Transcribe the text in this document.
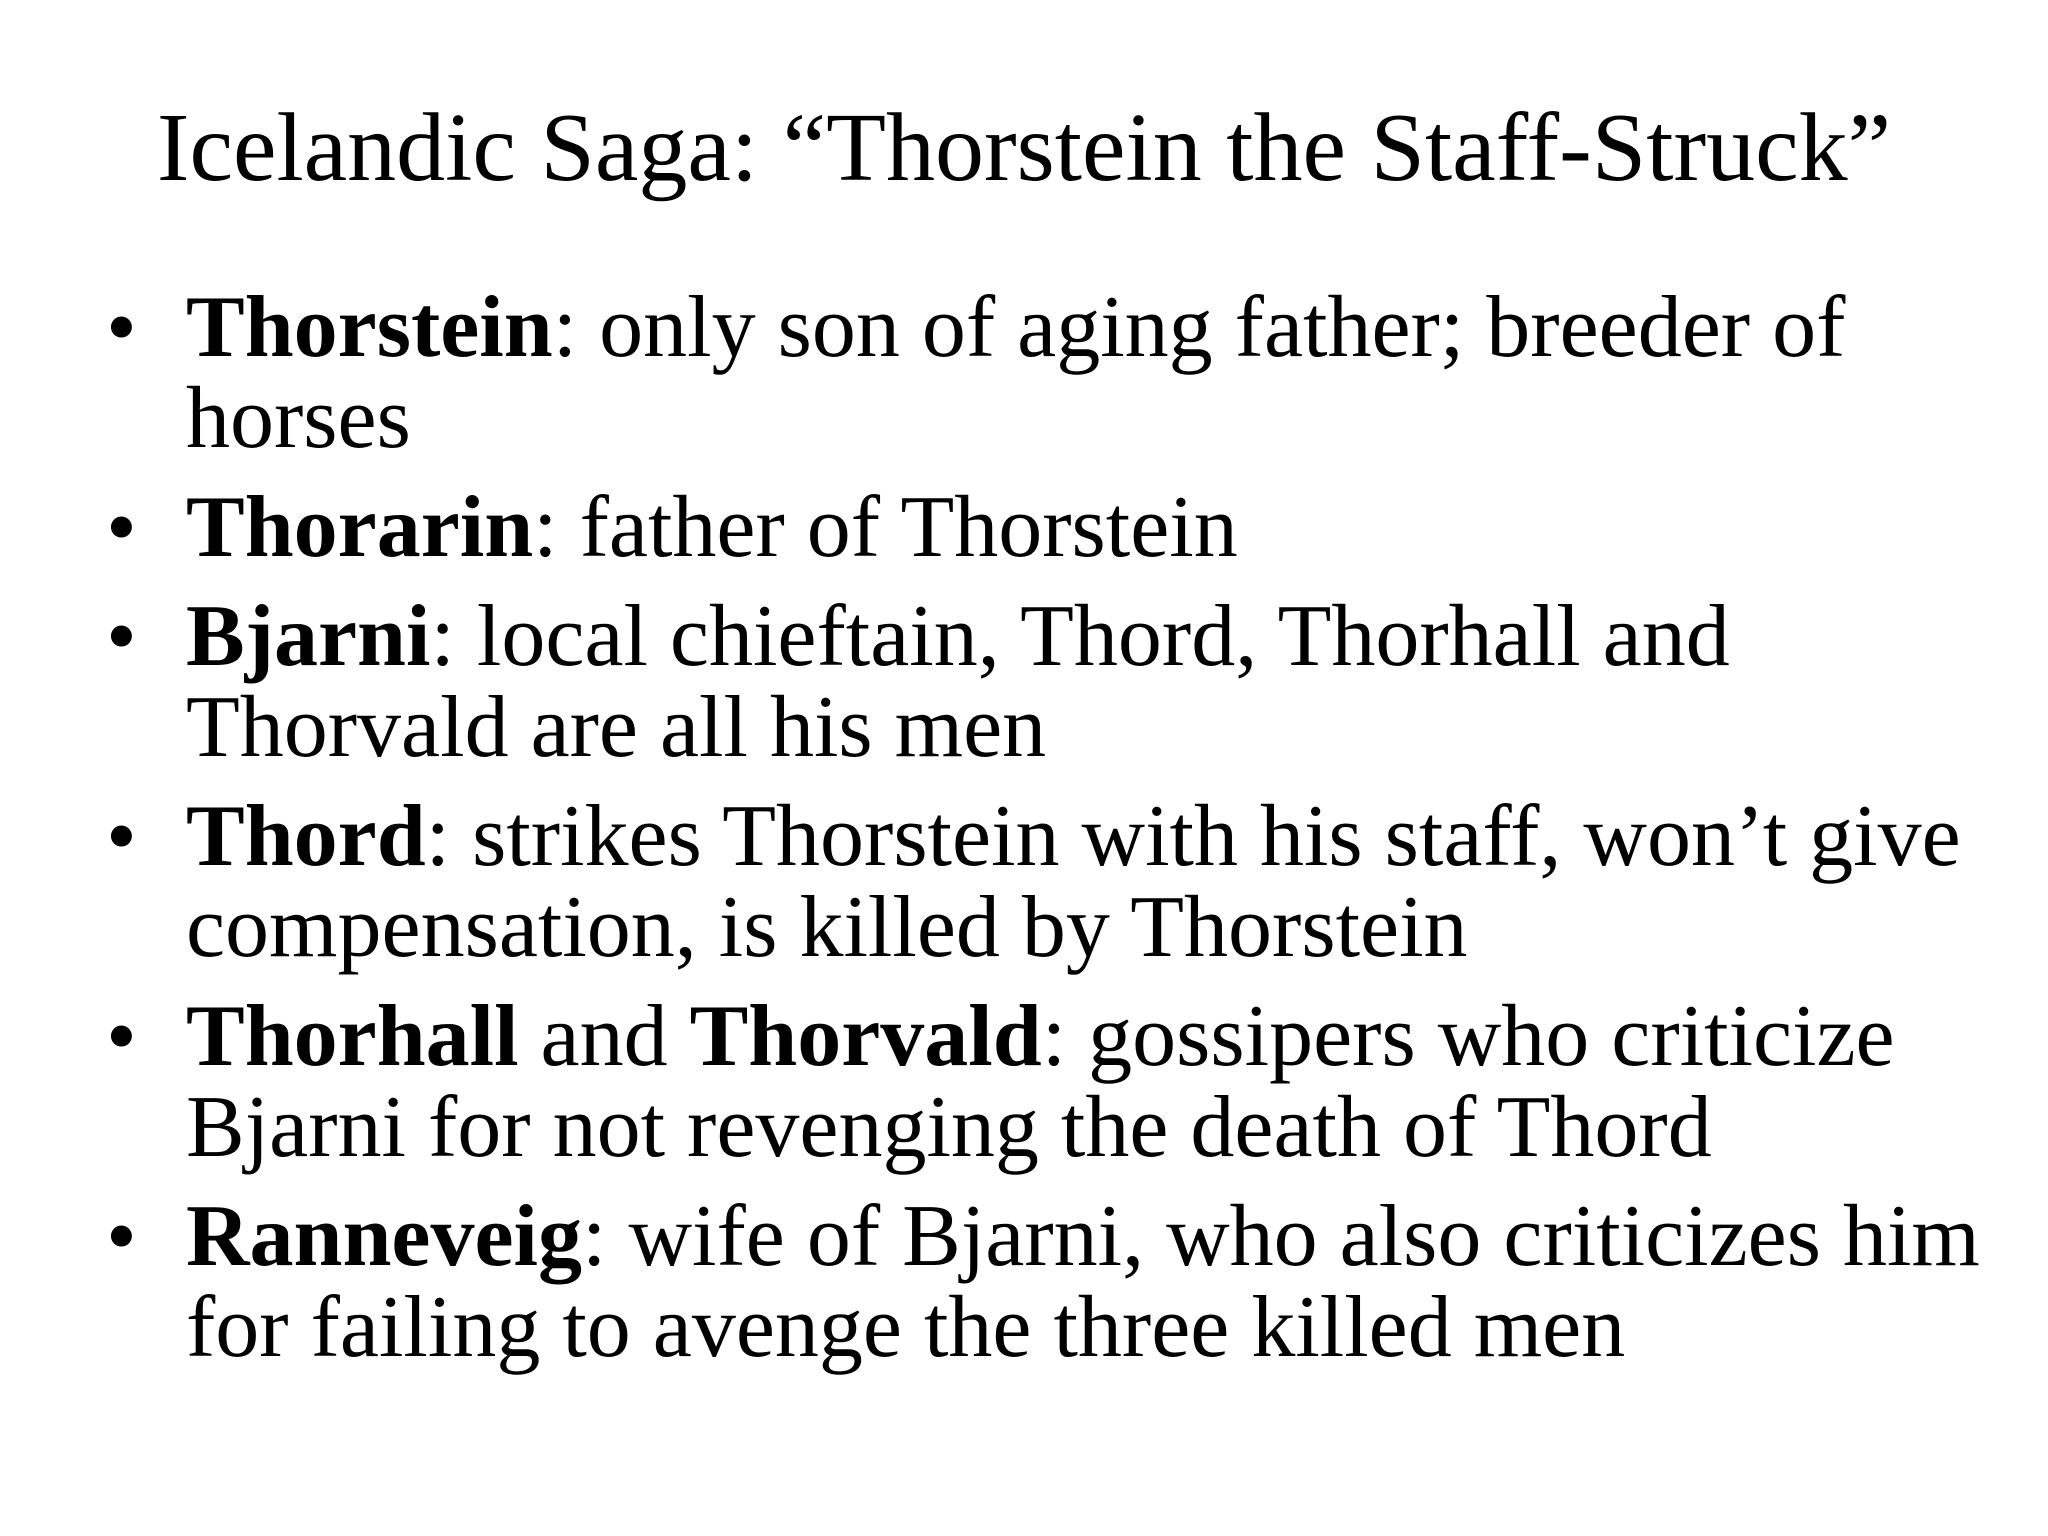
Icelandic Saga: “Thorstein the Staff-Struck”
• Thorstein: only son of aging father; breeder of horses
• Thorarin: father of Thorstein
• Bjarni: local chieftain, Thord, Thorhall and Thorvald are all his men
• Thord: strikes Thorstein with his staff, won’t give compensation, is killed by Thorstein
• Thorhall and Thorvald: gossipers who criticize Bjarni for not revenging the death of Thord
• Ranneveig: wife of Bjarni, who also criticizes him for failing to avenge the three killed men
